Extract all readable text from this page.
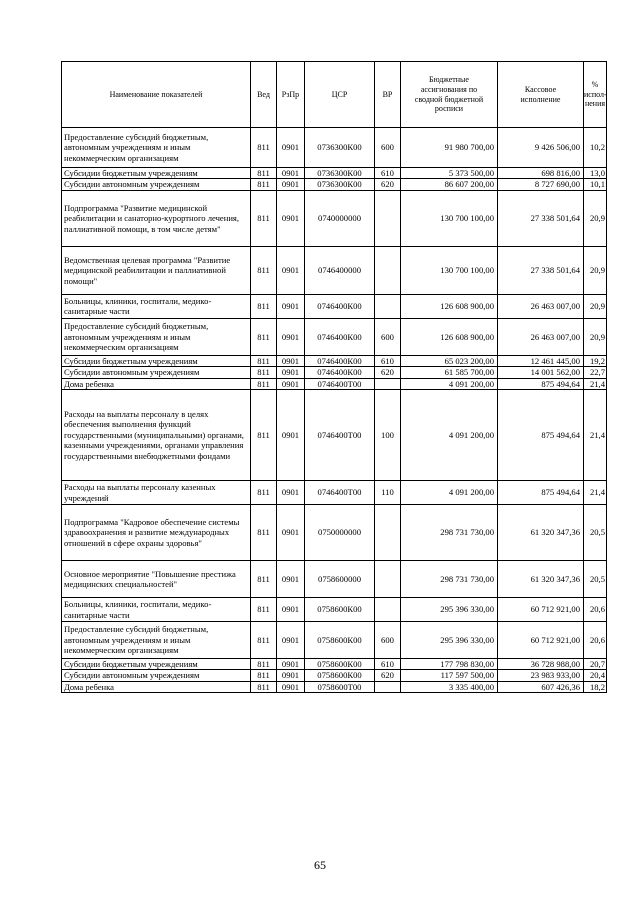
Наименование показателей	Вед	РзПр	ЦСР	ВР	Бюджетные ассигнования по сводной бюджетной росписи	Кассовое исполнение	% испол- нения
Предоставление субсидий бюджетным, автономным учреждениям и иным некоммерческим организациям	811	0901	0736300К00	600	91 980 700,00	9 426 506,00	10,2
Субсидии бюджетным учреждениям	811	0901	0736300К00	610	5 373 500,00	698 816,00	13,0
Субсидии автономным учреждениям	811	0901	0736300К00	620	86 607 200,00	8 727 690,00	10,1
Подпрограмма "Развитие медицинской реабилитации и санаторно-курортного лечения, паллиативной помощи, в том числе детям"	811	0901	0740000000		130 700 100,00	27 338 501,64	20,9
Ведомственная целевая программа "Развитие медицинской реабилитации и паллиативной помощи"	811	0901	0746400000		130 700 100,00	27 338 501,64	20,9
Больницы, клиники, госпитали, медико-санитарные части	811	0901	0746400К00		126 608 900,00	26 463 007,00	20,9
Предоставление субсидий бюджетным, автономным учреждениям и иным некоммерческим организациям	811	0901	0746400К00	600	126 608 900,00	26 463 007,00	20,9
Субсидии бюджетным учреждениям	811	0901	0746400К00	610	65 023 200,00	12 461 445,00	19,2
Субсидии автономным учреждениям	811	0901	0746400К00	620	61 585 700,00	14 001 562,00	22,7
Дома ребенка	811	0901	0746400Т00		4 091 200,00	875 494,64	21,4
Расходы на выплаты персоналу в целях обеспечения выполнения функций государственными (муниципальными) органами, казенными учреждениями, органами управления государственными внебюджетными фондами	811	0901	0746400Т00	100	4 091 200,00	875 494,64	21,4
Расходы на выплаты персоналу казенных учреждений	811	0901	0746400Т00	110	4 091 200,00	875 494,64	21,4
Подпрограмма "Кадровое обеспечение системы здравоохранения и развитие международных отношений в сфере охраны здоровья"	811	0901	0750000000		298 731 730,00	61 320 347,36	20,5
Основное мероприятие "Повышение престижа медицинских специальностей"	811	0901	0758600000		298 731 730,00	61 320 347,36	20,5
Больницы, клиники, госпитали, медико-санитарные части	811	0901	0758600К00		295 396 330,00	60 712 921,00	20,6
Предоставление субсидий бюджетным, автономным учреждениям и иным некоммерческим организациям	811	0901	0758600К00	600	295 396 330,00	60 712 921,00	20,6
Субсидии бюджетным учреждениям	811	0901	0758600К00	610	177 798 830,00	36 728 988,00	20,7
Субсидии автономным учреждениям	811	0901	0758600К00	620	117 597 500,00	23 983 933,00	20,4
Дома ребенка	811	0901	0758600Т00		3 335 400,00	607 426,36	18,2
65
